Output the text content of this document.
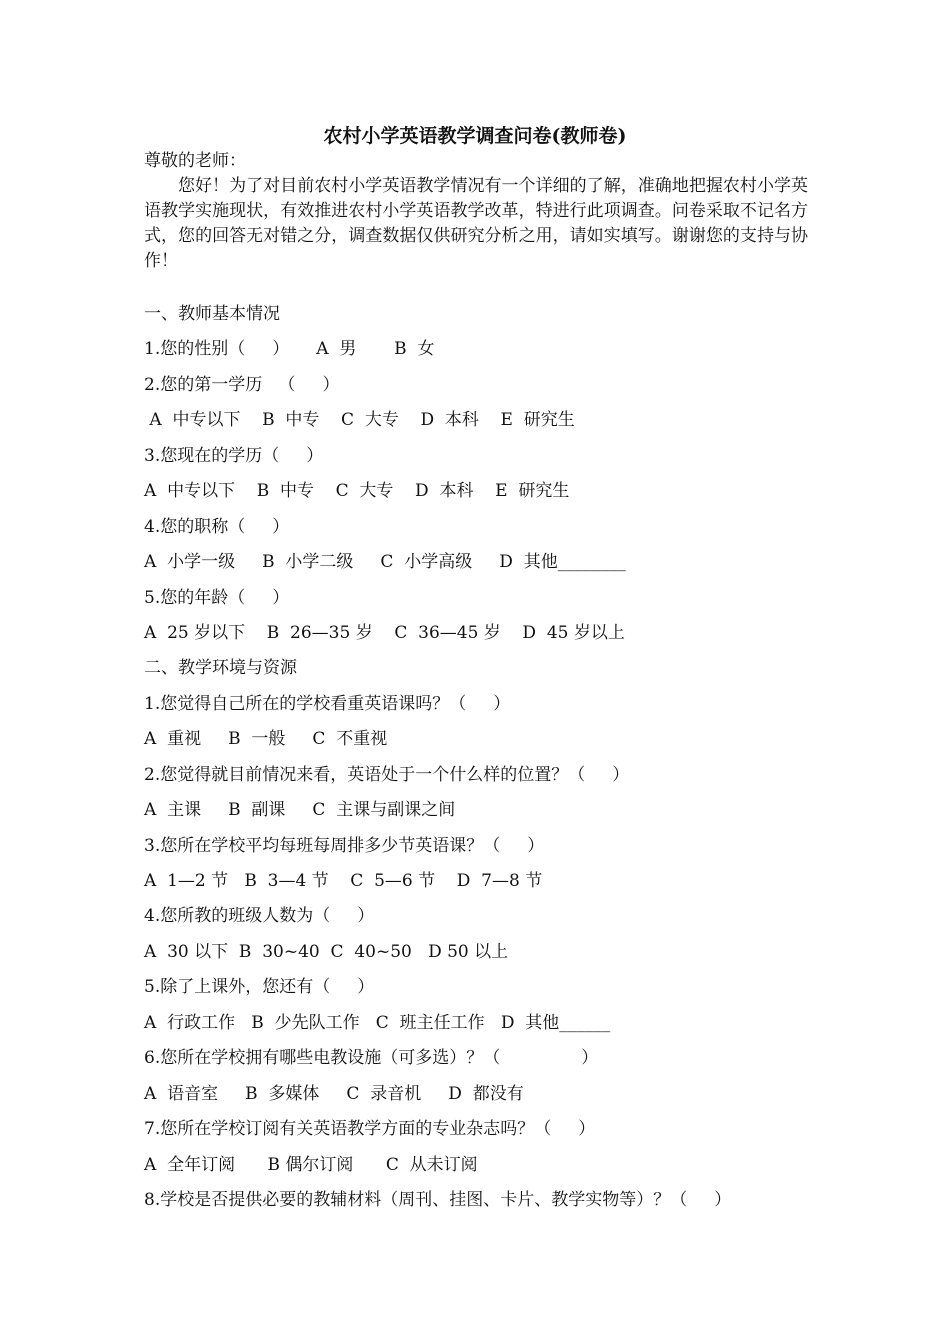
农村小学英语教学调查问卷(教师卷)
尊敬的老师：

您好！为了对目前农村小学英语教学情况有一个详细的了解，准确地把握农村小学英语教学实施现状，有效推进农村小学英语教学改革，特进行此项调查。问卷采取不记名方式，您的回答无对错之分，调查数据仅供研究分析之用，请如实填写。谢谢您的支持与协作！

一、教师基本情况
1.您的性别（     ）     A  男       B  女
2.您的第一学历   （     ）
A  中专以下    B  中专    C  大专    D  本科    E  研究生
3.您现在的学历（     ）
A  中专以下    B  中专    C  大专    D  本科    E  研究生
4.您的职称（     ）
A  小学一级     B  小学二级     C  小学高级     D  其他________
5.您的年龄（     ）
A  25 岁以下    B  26—35 岁    C  36—45 岁    D  45 岁以上
二、教学环境与资源
1.您觉得自己所在的学校看重英语课吗？（     ）
A  重视     B  一般     C  不重视
2.您觉得就目前情况来看，英语处于一个什么样的位置？（     ）
A  主课     B  副课     C  主课与副课之间
3.您所在学校平均每班每周排多少节英语课？（     ）
A  1—2 节   B  3—4 节    C  5—6 节    D  7—8 节
4.您所教的班级人数为（     ）
A  30 以下  B  30~40  C  40~50   D 50 以上
5.除了上课外，您还有（     ）
A  行政工作   B  少先队工作   C  班主任工作   D  其他______
6.您所在学校拥有哪些电教设施（可多选）？（               ）
A  语音室     B  多媒体     C  录音机     D  都没有
7.您所在学校订阅有关英语教学方面的专业杂志吗？（     ）
A  全年订阅      B 偶尔订阅      C  从未订阅
8.学校是否提供必要的教辅材料（周刊、挂图、卡片、教学实物等）？（     ）
